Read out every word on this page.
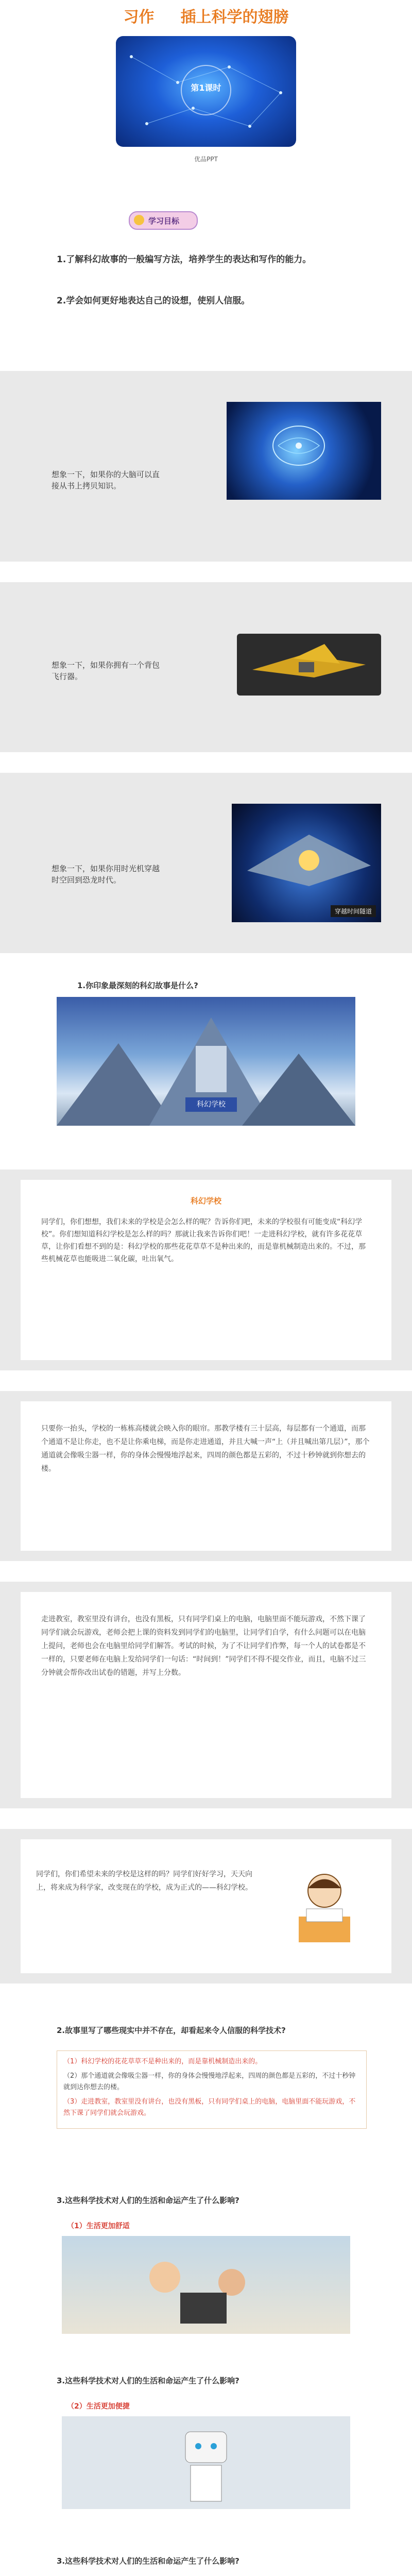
习作 插上科学的翅膀
第1课时
优品PPT
学习目标
1.了解科幻故事的一般编写方法，培养学生的表达和写作的能力。
2.学会如何更好地表达自己的设想，使别人信服。
想象一下，如果你的大脑可以直接从书上拷贝知识。
想象一下，如果你拥有一个背包飞行器。
想象一下，如果你用时光机穿越时空回到恐龙时代。
穿越时间隧道
1.你印象最深刻的科幻故事是什么?
科幻学校
科幻学校
同学们，你们想想，我们未来的学校是会怎么样的呢？告诉你们吧，未来的学校很有可能变成“科幻学校”。你们想知道科幻学校是怎么样的吗？那就让我来告诉你们吧！一走进科幻学校，就有许多花花草草，让你们看想不到的是：科幻学校的那些花花草草不是种出来的，而是靠机械制造出来的。不过，那些机械花草也能吸进二氧化碳，吐出氧气。
只要你一抬头，学校的一栋栋高楼就会映入你的眼帘。那教学楼有三十层高，每层都有一个通道，而那个通道不是让你走，也不是让你乘电梯，而是你走进通道，并且大喊一声“上（并且喊出第几层）”，那个通道就会像吸尘器一样，你的身体会慢慢地浮起来，四周的颜色都是五彩的，不过十秒钟就到你想去的楼。
走进教室，教室里没有讲台，也没有黑板，只有同学们桌上的电脑，电脑里面不能玩游戏，不然下课了同学们就会玩游戏，老师会把上课的资料发到同学们的电脑里，让同学们自学，有什么问题可以在电脑上提问，老师也会在电脑里给同学们解答。考试的时候，为了不让同学们作弊，每一个人的试卷都是不一样的，只要老师在电脑上发给同学们一句话：“时间到！”同学们不得不提交作业，而且，电脑不过三分钟就会帮你改出试卷的错题，并写上分数。
同学们，你们希望未来的学校是这样的吗？同学们好好学习，天天向上，将来成为科学家，改变现在的学校，成为正式的——科幻学校。
2.故事里写了哪些现实中并不存在，却看起来令人信服的科学技术?
（1）科幻学校的花花草草不是种出来的，而是靠机械制造出来的。
（2）那个通道就会像吸尘器一样，你的身体会慢慢地浮起来，四周的颜色都是五彩的，不过十秒钟就到达你想去的楼。
（3）走进教室，教室里没有讲台，也没有黑板，只有同学们桌上的电脑，电脑里面不能玩游戏，不然下课了同学们就会玩游戏。
3.这些科学技术对人们的生活和命运产生了什么影响?
（1）生活更加舒适
3.这些科学技术对人们的生活和命运产生了什么影响?
（2）生活更加便捷
3.这些科学技术对人们的生活和命运产生了什么影响?
